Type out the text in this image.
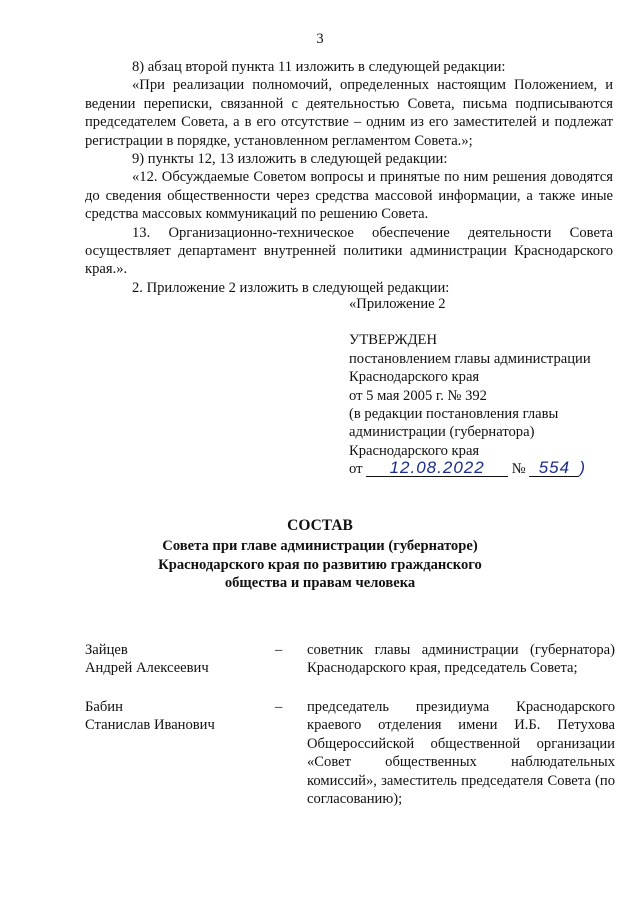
3

8) абзац второй пункта 11 изложить в следующей редакции:

«При реализации полномочий, определенных настоящим Положением, и ведении переписки, связанной с деятельностью Совета, письма подписываются председателем Совета, а в его отсутствие – одним из его заместителей и подлежат регистрации в порядке, установленном регламентом Совета.»;

9) пункты 12, 13 изложить в следующей редакции:

«12. Обсуждаемые Советом вопросы и принятые по ним решения доводятся до сведения общественности через средства массовой информации, а также иные средства массовых коммуникаций по решению Совета.

13. Организационно-техническое обеспечение деятельности Совета осуществляет департамент внутренней политики администрации Краснодарского края.».

2. Приложение 2 изложить в следующей редакции:

«Приложение 2

УТВЕРЖДЕН

постановлением главы администрации

Краснодарского края

от 5 мая 2005 г. № 392

(в редакции постановления главы

администрации (губернатора)

Краснодарского края

от 12.08.2022 № 554 )

СОСТАВ

Совета при главе администрации (губернаторе)

Краснодарского края по развитию гражданского

общества и правам человека

Зайцев

Андрей Алексеевич

– советник главы администрации (губернатора) Краснодарского края, председатель Совета;

Бабин

Станислав Иванович

– председатель президиума Краснодарского краевого отделения имени И.Б. Петухова Общероссийской общественной организации «Совет общественных наблюдательных комиссий», заместитель председателя Совета (по согласованию);
